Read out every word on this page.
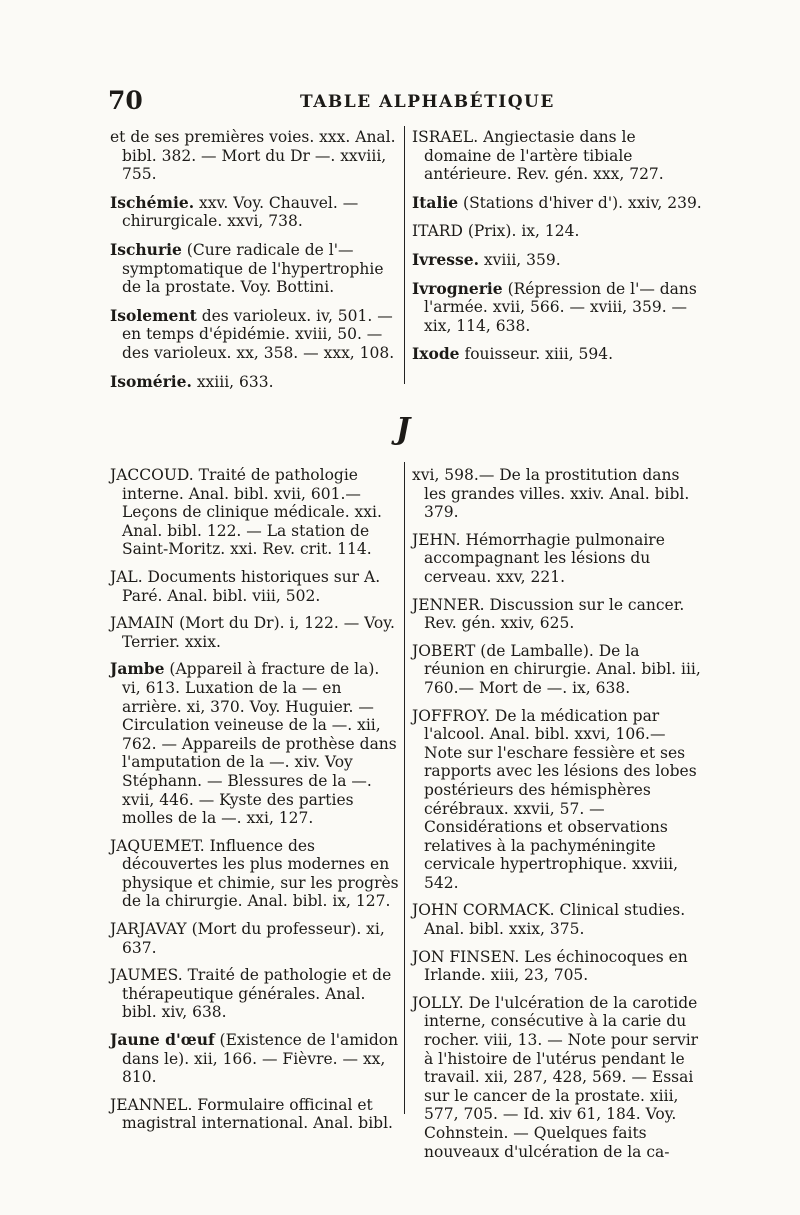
70	TABLE ALPHABÉTIQUE

et de ses premières voies. xxx. Anal. bibl. 382. — Mort du Dr —. xxviii, 755.

Ischémie. xxv. Voy. Chauvel. — chirurgicale. xxvi, 738.

Ischurie (Cure radicale de l'— symptomatique de l'hypertrophie de la prostate. Voy. Bottini.

Isolement des varioleux. iv, 501. — en temps d'épidémie. xviii, 50. — des varioleux. xx, 358. — xxx, 108.

Isomérie. xxiii, 633.

ISRAEL. Angiectasie dans le domaine de l'artère tibiale antérieure. Rev. gén. xxx, 727.

Italie (Stations d'hiver d'). xxiv, 239.

ITARD (Prix). ix, 124.

Ivresse. xviii, 359.

Ivrognerie (Répression de l'— dans l'armée. xvii, 566. — xviii, 359. — xix, 114, 638.

Ixode fouisseur. xiii, 594.

J

JACCOUD. Traité de pathologie interne. Anal. bibl. xvii, 601.— Leçons de clinique médicale. xxi. Anal. bibl. 122. — La station de Saint-Moritz. xxi. Rev. crit. 114.

JAL. Documents historiques sur A. Paré. Anal. bibl. viii, 502.

JAMAIN (Mort du Dr). i, 122. — Voy. Terrier. xxix.

Jambe (Appareil à fracture de la). vi, 613. Luxation de la — en arrière. xi, 370. Voy. Huguier. — Circulation veineuse de la —. xii, 762. — Appareils de prothèse dans l'amputation de la —. xiv. Voy Stéphann. — Blessures de la —. xvii, 446. — Kyste des parties molles de la —. xxi, 127.

JAQUEMET. Influence des découvertes les plus modernes en physique et chimie, sur les progrès de la chirurgie. Anal. bibl. ix, 127.

JARJAVAY (Mort du professeur). xi, 637.

JAUMES. Traité de pathologie et de thérapeutique générales. Anal. bibl. xiv, 638.

Jaune d'œuf (Existence de l'amidon dans le). xii, 166. — Fièvre. — xx, 810.

JEANNEL. Formulaire officinal et magistral international. Anal. bibl.

xvi, 598.— De la prostitution dans les grandes villes. xxiv. Anal. bibl. 379.

JEHN. Hémorrhagie pulmonaire accompagnant les lésions du cerveau. xxv, 221.

JENNER. Discussion sur le cancer. Rev. gén. xxiv, 625.

JOBERT (de Lamballe). De la réunion en chirurgie. Anal. bibl. iii, 760.— Mort de —. ix, 638.

JOFFROY. De la médication par l'alcool. Anal. bibl. xxvi, 106.—Note sur l'eschare fessière et ses rapports avec les lésions des lobes postérieurs des hémisphères cérébraux. xxvii, 57. — Considérations et observations relatives à la pachyméningite cervicale hypertrophique. xxviii, 542.

JOHN CORMACK. Clinical studies. Anal. bibl. xxix, 375.

JON FINSEN. Les échinocoques en Irlande. xiii, 23, 705.

JOLLY. De l'ulcération de la carotide interne, consécutive à la carie du rocher. viii, 13. — Note pour servir à l'histoire de l'utérus pendant le travail. xii, 287, 428, 569. — Essai sur le cancer de la prostate. xiii, 577, 705. — Id. xiv 61, 184. Voy. Cohnstein. — Quelques faits nouveaux d'ulcération de la ca-
